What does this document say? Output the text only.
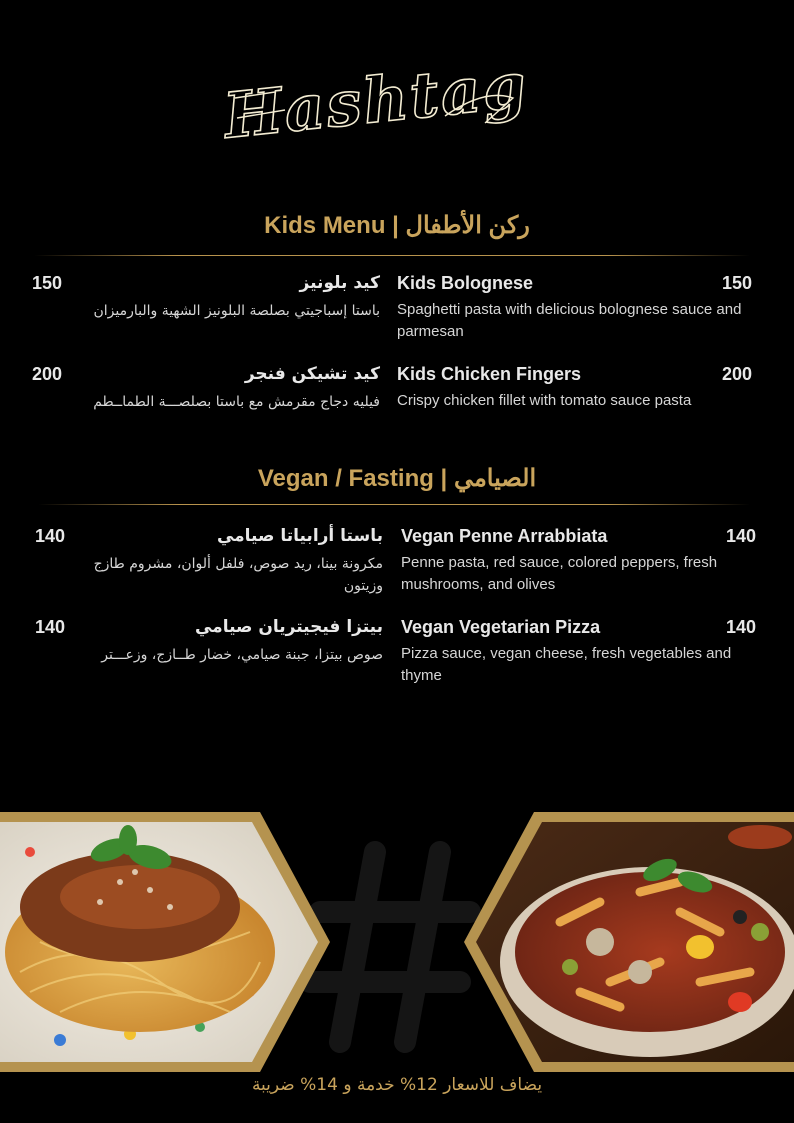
Hashtag
Kids Menu | ركن الأطفال
150	كيد بلونيز
باستا إسباجيتي بصلصة البلونيز الشهية والبارميزان
Kids Bolognese	150
Spaghetti pasta with delicious bolognese sauce and parmesan
200	كيد تشيكن فنجر
فيليه دجاج مقرمش مع باستا بصلصـــة الطماــطم
Kids Chicken Fingers	200
Crispy chicken fillet with tomato sauce pasta
Vegan / Fasting | الصيامي
140	باستا أرابياتا صيامي
مكرونة بينا، ريد صوص، فلفل ألوان، مشروم طازج وزيتون
Vegan Penne Arrabbiata	140
Penne pasta, red sauce, colored peppers, fresh mushrooms, and olives
140	بيتزا فيجيتريان صيامي
صوص بيتزا، جبنة صيامي، خضار طــازج، وزعـــتر
Vegan Vegetarian Pizza	140
Pizza sauce, vegan cheese, fresh vegetables and thyme
يضاف للاسعار 12% خدمة و 14% ضريبة
